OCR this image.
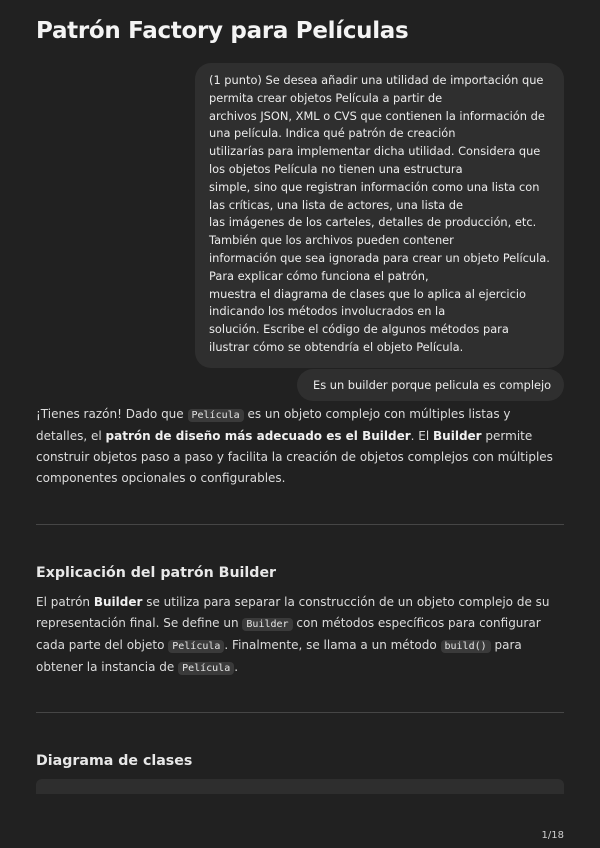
Patrón Factory para Películas
(1 punto) Se desea añadir una utilidad de importación que
permita crear objetos Película a partir de
archivos JSON, XML o CVS que contienen la información de
una película. Indica qué patrón de creación
utilizarías para implementar dicha utilidad. Considera que
los objetos Película no tienen una estructura
simple, sino que registran información como una lista con
las críticas, una lista de actores, una lista de
las imágenes de los carteles, detalles de producción, etc.
También que los archivos pueden contener
información que sea ignorada para crear un objeto Película.
Para explicar cómo funciona el patrón,
muestra el diagrama de clases que lo aplica al ejercicio
indicando los métodos involucrados en la
solución. Escribe el código de algunos métodos para
ilustrar cómo se obtendría el objeto Película.
Es un builder porque pelicula es complejo
¡Tienes razón! Dado que Película es un objeto complejo con múltiples listas y detalles, el patrón de diseño más adecuado es el Builder. El Builder permite construir objetos paso a paso y facilita la creación de objetos complejos con múltiples componentes opcionales o configurables.
Explicación del patrón Builder
El patrón Builder se utiliza para separar la construcción de un objeto complejo de su representación final. Se define un Builder con métodos específicos para configurar cada parte del objeto Película . Finalmente, se llama a un método build() para obtener la instancia de Película .
Diagrama de clases
1/18
